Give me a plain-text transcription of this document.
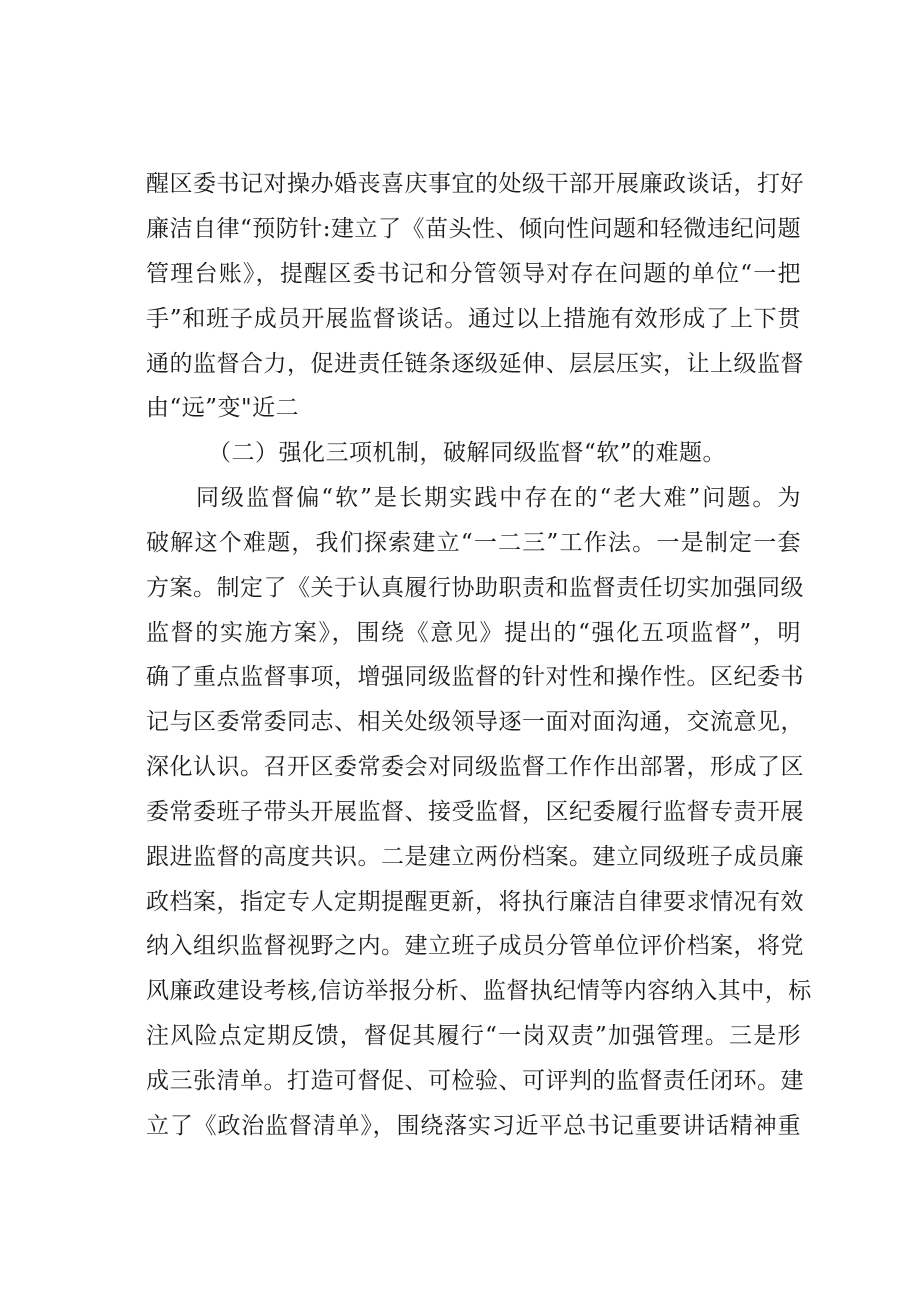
醒区委书记对操办婚丧喜庆事宜的处级干部开展廉政谈话，打好
廉洁自律“预防针:建立了《苗头性、倾向性问题和轻微违纪问题
管理台账》，提醒区委书记和分管领导对存在问题的单位“一把
手”和班子成员开展监督谈话。通过以上措施有效形成了上下贯
通的监督合力，促进责任链条逐级延伸、层层压实，让上级监督
由“远”变"近二
（二）强化三项机制，破解同级监督“软”的难题。
同级监督偏“软”是长期实践中存在的“老大难”问题。为
破解这个难题，我们探索建立“一二三”工作法。一是制定一套
方案。制定了《关于认真履行协助职责和监督责任切实加强同级
监督的实施方案》，围绕《意见》提出的“强化五项监督”，明
确了重点监督事项，增强同级监督的针对性和操作性。区纪委书
记与区委常委同志、相关处级领导逐一面对面沟通，交流意见，
深化认识。召开区委常委会对同级监督工作作出部署，形成了区
委常委班子带头开展监督、接受监督，区纪委履行监督专责开展
跟进监督的高度共识。二是建立两份档案。建立同级班子成员廉
政档案，指定专人定期提醒更新，将执行廉洁自律要求情况有效
纳入组织监督视野之内。建立班子成员分管单位评价档案，将党
风廉政建设考核,信访举报分析、监督执纪情等内容纳入其中，标
注风险点定期反馈，督促其履行“一岗双责”加强管理。三是形
成三张清单。打造可督促、可检验、可评判的监督责任闭环。建
立了《政治监督清单》，围绕落实习近平总书记重要讲话精神重
